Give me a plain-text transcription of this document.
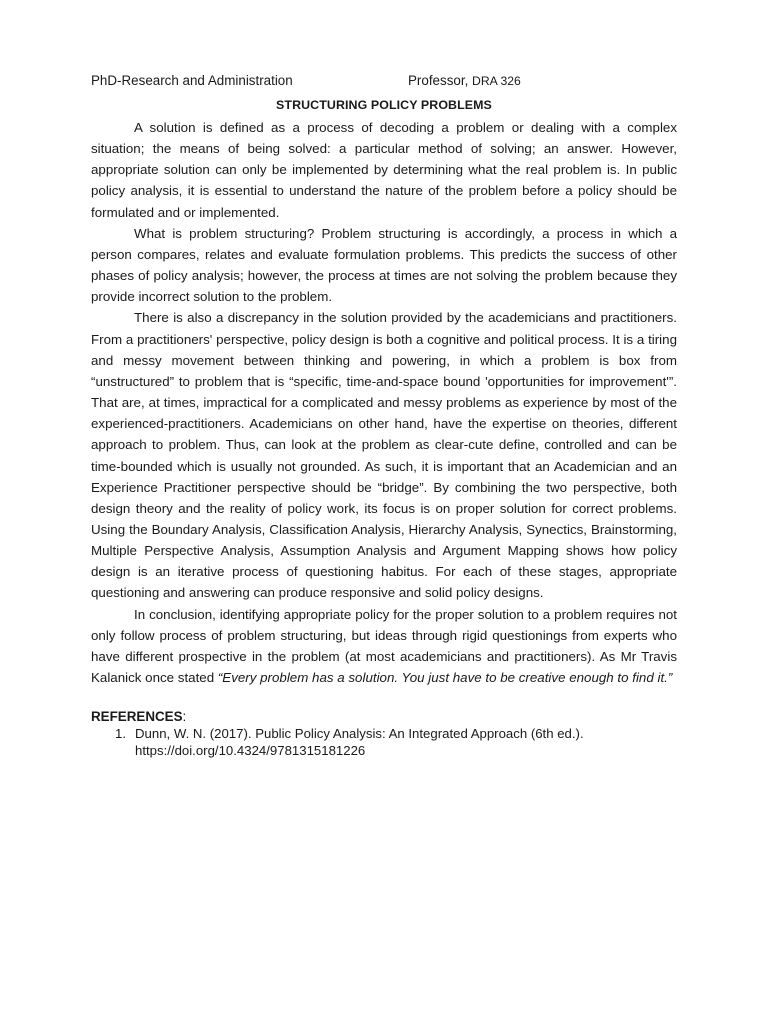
PhD-Research and Administration	Professor, DRA 326
STRUCTURING POLICY PROBLEMS

A solution is defined as a process of decoding a problem or dealing with a complex situation; the means of being solved: a particular method of solving; an answer. However, appropriate solution can only be implemented by determining what the real problem is. In public policy analysis, it is essential to understand the nature of the problem before a policy should be formulated and or implemented.

What is problem structuring? Problem structuring is accordingly, a process in which a person compares, relates and evaluate formulation problems. This predicts the success of other phases of policy analysis; however, the process at times are not solving the problem because they provide incorrect solution to the problem.

There is also a discrepancy in the solution provided by the academicians and practitioners. From a practitioners' perspective, policy design is both a cognitive and political process. It is a tiring and messy movement between thinking and powering, in which a problem is box from “unstructured” to problem that is “specific, time-and-space bound 'opportunities for improvement'”. That are, at times, impractical for a complicated and messy problems as experience by most of the experienced-practitioners. Academicians on other hand, have the expertise on theories, different approach to problem. Thus, can look at the problem as clear-cute define, controlled and can be time-bounded which is usually not grounded. As such, it is important that an Academician and an Experience Practitioner perspective should be “bridge”. By combining the two perspective, both design theory and the reality of policy work, its focus is on proper solution for correct problems. Using the Boundary Analysis, Classification Analysis, Hierarchy Analysis, Synectics, Brainstorming, Multiple Perspective Analysis, Assumption Analysis and Argument Mapping shows how policy design is an iterative process of questioning habitus. For each of these stages, appropriate questioning and answering can produce responsive and solid policy designs.

In conclusion, identifying appropriate policy for the proper solution to a problem requires not only follow process of problem structuring, but ideas through rigid questionings from experts who have different prospective in the problem (at most academicians and practitioners). As Mr Travis Kalanick once stated “Every problem has a solution. You just have to be creative enough to find it.”

REFERENCES:
1. Dunn, W. N. (2017). Public Policy Analysis: An Integrated Approach (6th ed.).
https://doi.org/10.4324/9781315181226
